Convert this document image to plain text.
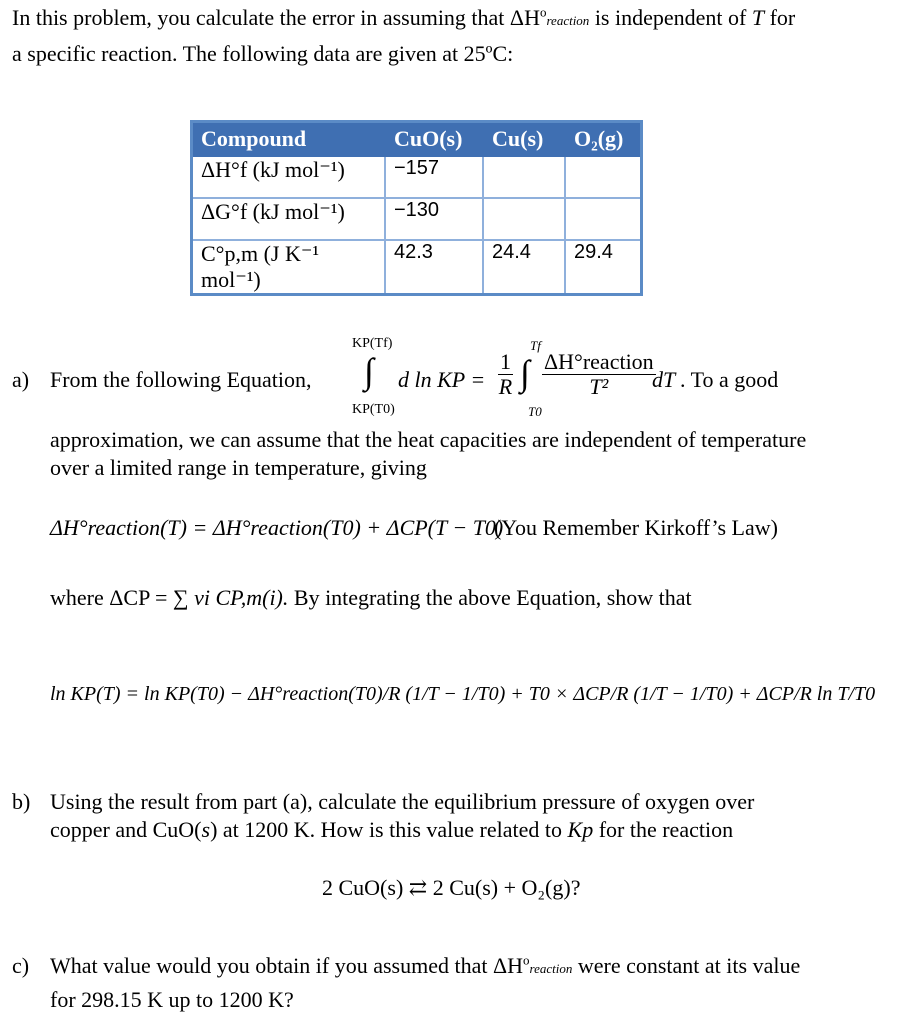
In this problem, you calculate the error in assuming that $\Delta H^oreaction$ is independent of T for
a specific reaction. The following data are given at 25ºC:
Compound	CuO(s)	Cu(s)	O₂(g)
ΔH°f (kJ mol⁻¹)	−157		
ΔG°f (kJ mol⁻¹)	−130		
C°p,m (J K⁻¹ mol⁻¹)	42.3	24.4	29.4
a) From the following Equation,
KP(Tf)
∫
KP(T0)
d ln KP = $\frac{1}{R}$
Tf
∫
T0
ΔH°reaction
T²	dT . To a good
approximation, we can assume that the heat capacities are independent of temperature
over a limited range in temperature, giving
ΔH°reaction(T) = ΔH°reaction(T0) + ΔCP(T − T0)
(You Remember Kirkoff’s Law)
where ΔCP = ∑ νi CP,m(i). By integrating the above Equation, show that
ln KP(T) = ln KP(T0) − ΔH°reaction(T0)/R (1/T − 1/T0) + T0 × ΔCP/R (1/T − 1/T0) + ΔCP/R ln T/T0
b) Using the result from part (a), calculate the equilibrium pressure of oxygen over
copper and CuO(s) at 1200 K. How is this value related to Kp for the reaction
2 CuO(s) ⇄ 2 Cu(s) + O₂(g)?
c) What value would you obtain if you assumed that $\Delta H^oreaction$ were constant at its value
for 298.15 K up to 1200 K?
